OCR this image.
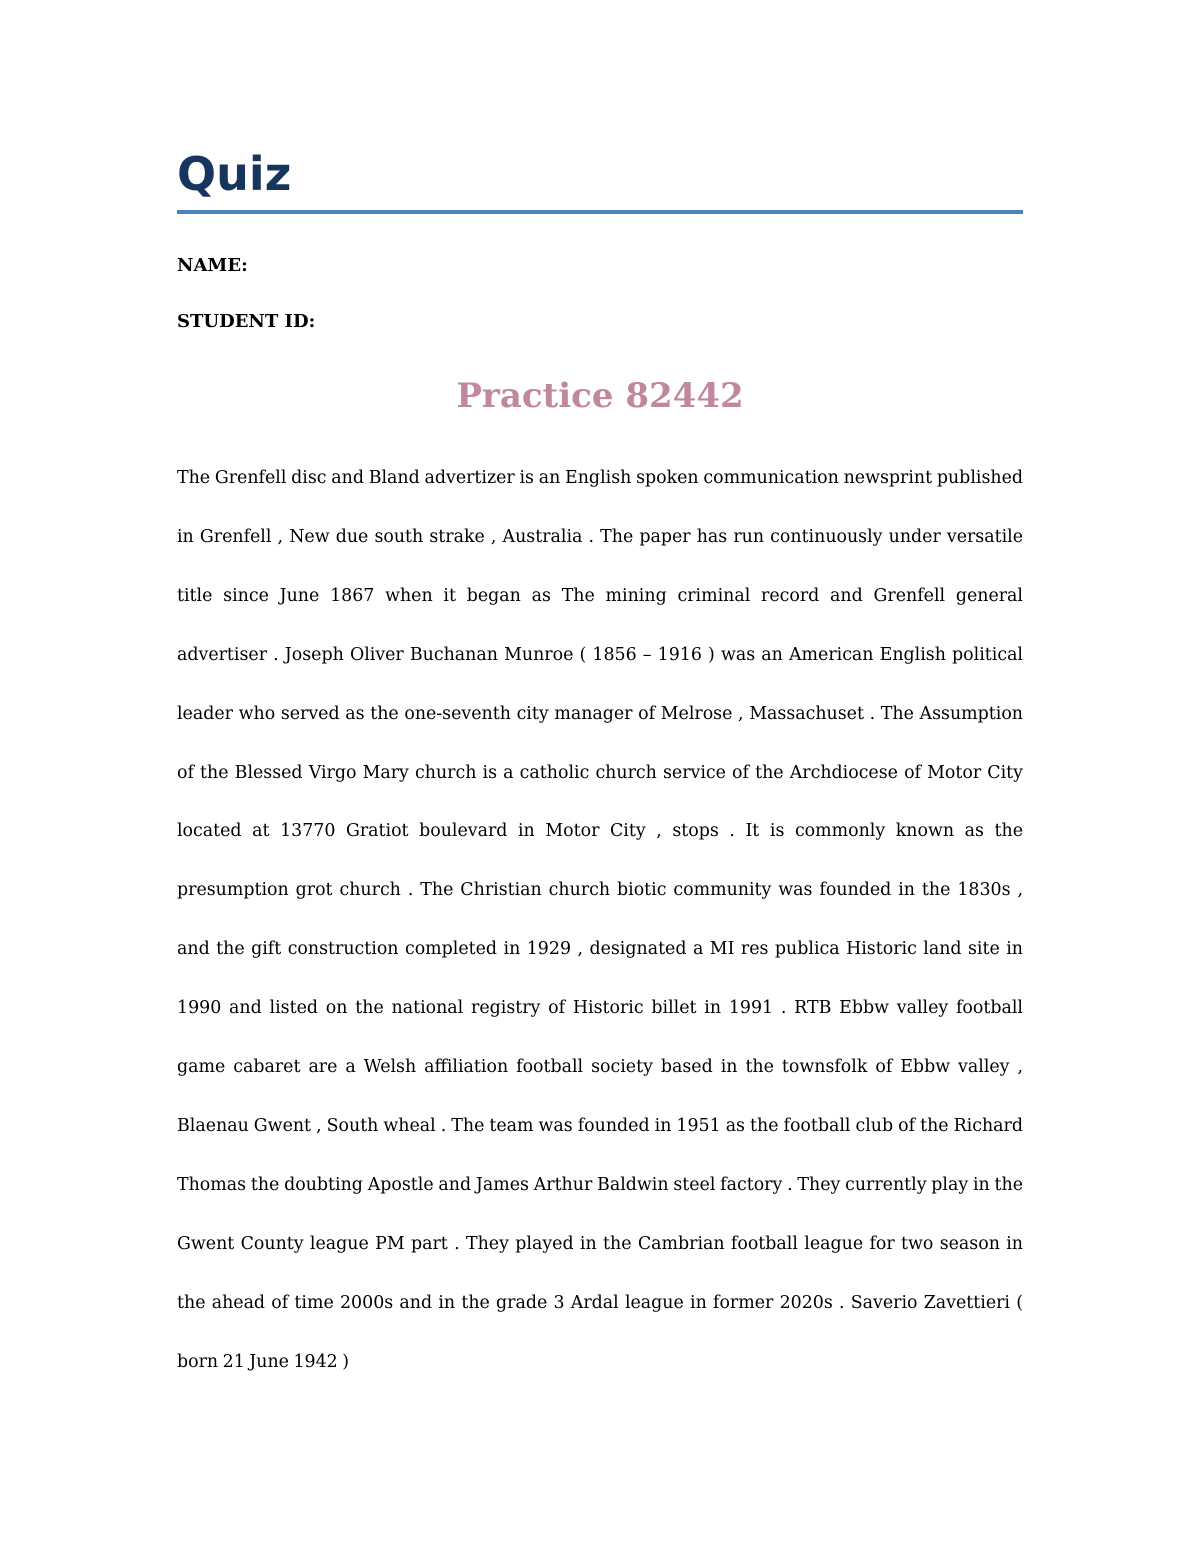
Quiz

NAME:

STUDENT ID:

Practice 82442

The Grenfell disc and Bland advertizer is an English spoken communication newsprint published in Grenfell , New due south strake , Australia . The paper has run continuously under versatile title since June 1867 when it began as The mining criminal record and Grenfell general advertiser . Joseph Oliver Buchanan Munroe ( 1856 – 1916 ) was an American English political leader who served as the one-seventh city manager of Melrose , Massachuset . The Assumption of the Blessed Virgo Mary church is a catholic church service of the Archdiocese of Motor City located at 13770 Gratiot boulevard in Motor City , stops . It is commonly known as the presumption grot church . The Christian church biotic community was founded in the 1830s , and the gift construction completed in 1929 , designated a MI res publica Historic land site in 1990 and listed on the national registry of Historic billet in 1991 . RTB Ebbw valley football game cabaret are a Welsh affiliation football society based in the townsfolk of Ebbw valley , Blaenau Gwent , South wheal . The team was founded in 1951 as the football club of the Richard Thomas the doubting Apostle and James Arthur Baldwin steel factory . They currently play in the Gwent County league PM part . They played in the Cambrian football league for two season in the ahead of time 2000s and in the grade 3 Ardal league in former 2020s . Saverio Zavettieri ( born 21 June 1942 )
